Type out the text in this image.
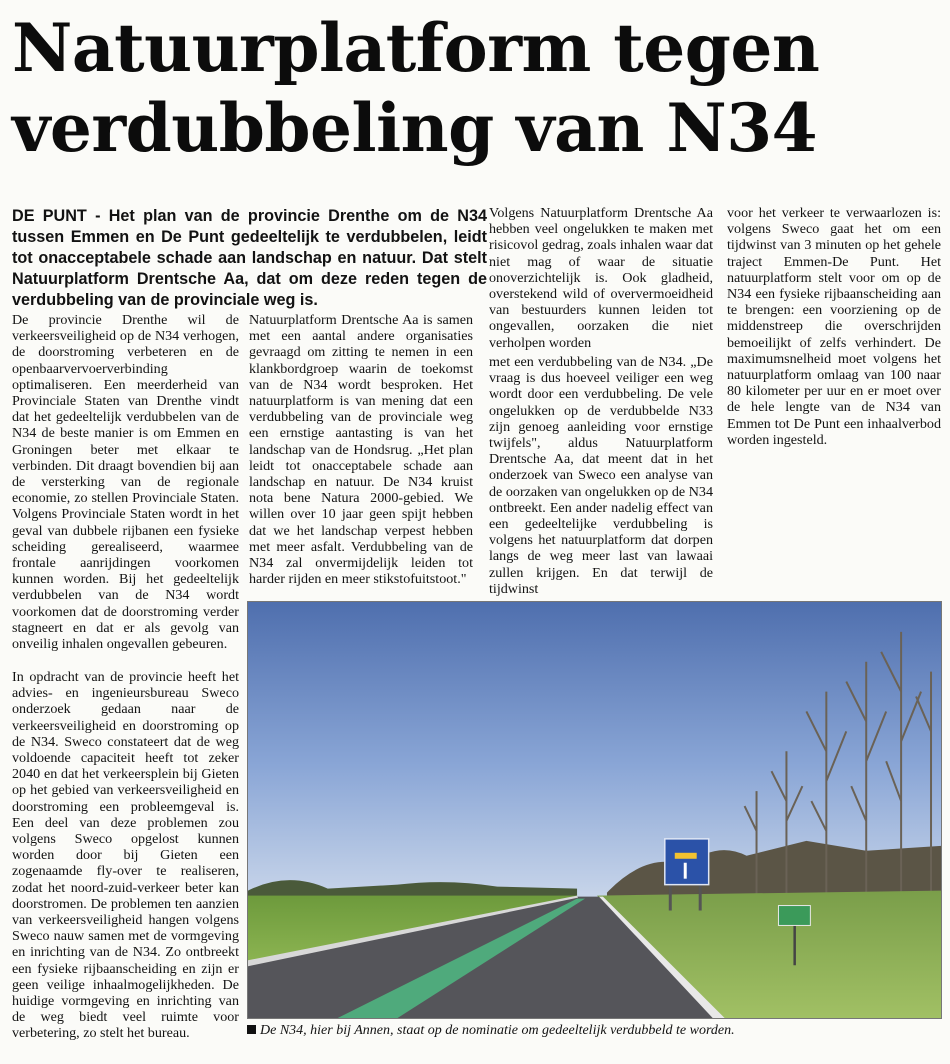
Natuurplatform tegen verdubbeling van N34

DE PUNT - Het plan van de provincie Drenthe om de N34 tussen Emmen en De Punt gedeeltelijk te verdubbelen, leidt tot onacceptabele schade aan landschap en natuur. Dat stelt Natuurplatform Drentsche Aa, dat om deze reden tegen de verdubbeling van de provinciale weg is.

De provincie Drenthe wil de verkeersveiligheid op de N34 verhogen, de doorstroming verbeteren en de openbaarvervoerverbinding optimaliseren. Een meerderheid van Provinciale Staten van Drenthe vindt dat het gedeeltelijk verdubbelen van de N34 de beste manier is om Emmen en Groningen beter met elkaar te verbinden. Dit draagt bovendien bij aan de versterking van de regionale economie, zo stellen Provinciale Staten. Volgens Provinciale Staten wordt in het geval van dubbele rijbanen een fysieke scheiding gerealiseerd, waarmee frontale aanrijdingen voorkomen kunnen worden. Bij het gedeeltelijk verdubbelen van de N34 wordt voorkomen dat de doorstroming verder stagneert en dat er als gevolg van onveilig inhalen ongevallen gebeuren.

In opdracht van de provincie heeft het advies- en ingenieursbureau Sweco onderzoek gedaan naar de verkeersveiligheid en doorstroming op de N34. Sweco constateert dat de weg voldoende capaciteit heeft tot zeker 2040 en dat het verkeersplein bij Gieten op het gebied van verkeersveiligheid en doorstroming een probleemgeval is. Een deel van deze problemen zou volgens Sweco opgelost kunnen worden door bij Gieten een zogenaamde fly-over te realiseren, zodat het noord-zuid-verkeer beter kan doorstromen. De problemen ten aanzien van verkeersveiligheid hangen volgens Sweco nauw samen met de vormgeving en inrichting van de N34. Zo ontbreekt een fysieke rijbaanscheiding en zijn er geen veilige inhaalmogelijkheden. De huidige vormgeving en inrichting van de weg biedt veel ruimte voor verbetering, zo stelt het bureau.

Natuurplatform Drentsche Aa is samen met een aantal andere organisaties gevraagd om zitting te nemen in een klankbordgroep waarin de toekomst van de N34 wordt besproken. Het natuurplatform is van mening dat een verdubbeling van de provinciale weg een ernstige aantasting is van het landschap van de Hondsrug. „Het plan leidt tot onacceptabele schade aan landschap en natuur. De N34 kruist nota bene Natura 2000-gebied. We willen over 10 jaar geen spijt hebben dat we het landschap verpest hebben met meer asfalt. Verdubbeling van de N34 zal onvermijdelijk leiden tot harder rijden en meer stikstofuitstoot."

Volgens Natuurplatform Drentsche Aa hebben veel ongelukken te maken met risicovol gedrag, zoals inhalen waar dat niet mag of waar de situatie onoverzichtelijk is. Ook gladheid, overstekend wild of oververmoeidheid van bestuurders kunnen leiden tot ongevallen, oorzaken die niet verholpen worden

met een verdubbeling van de N34. „De vraag is dus hoeveel veiliger een weg wordt door een verdubbeling. De vele ongelukken op de verdubbelde N33 zijn genoeg aanleiding voor ernstige twijfels", aldus Natuurplatform Drentsche Aa, dat meent dat in het onderzoek van Sweco een analyse van de oorzaken van ongelukken op de N34 ontbreekt. Een ander nadelig effect van een gedeeltelijke verdubbeling is volgens het natuurplatform dat dorpen langs de weg meer last van lawaai zullen krijgen. En dat terwijl de tijdwinst

voor het verkeer te verwaarlozen is: volgens Sweco gaat het om een tijdwinst van 3 minuten op het gehele traject Emmen-De Punt. Het natuurplatform stelt voor om op de N34 een fysieke rijbaanscheiding aan te brengen: een voorziening op de middenstreep die overschrijden bemoeilijkt of zelfs verhindert. De maximumsnelheid moet volgens het natuurplatform omlaag van 100 naar 80 kilometer per uur en er moet over de hele lengte van de N34 van Emmen tot De Punt een inhaalverbod worden ingesteld.

De N34, hier bij Annen, staat op de nominatie om gedeeltelijk verdubbeld te worden.
